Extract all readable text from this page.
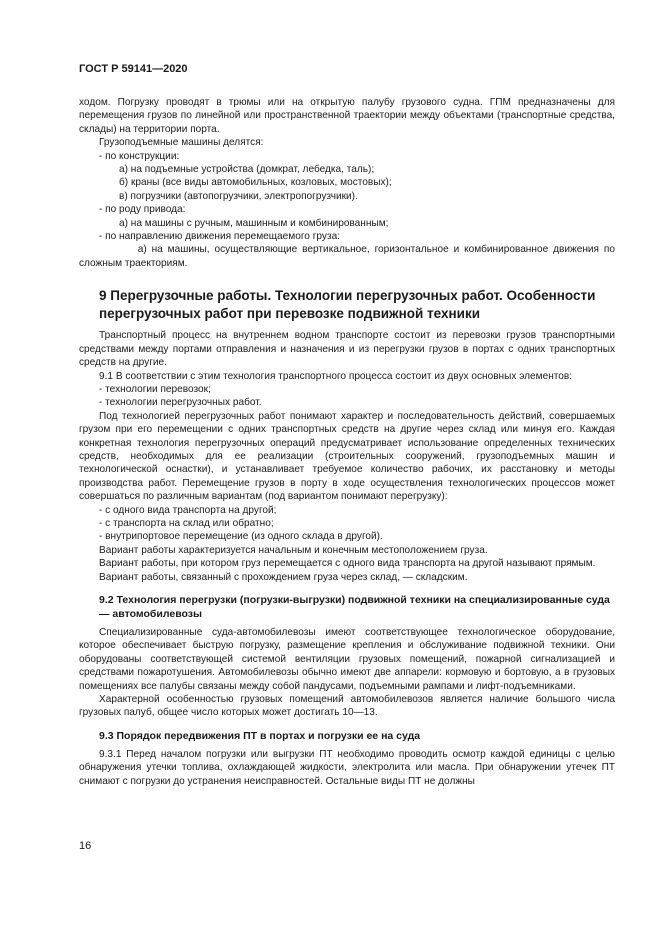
ГОСТ Р 59141—2020
ходом. Погрузку проводят в трюмы или на открытую палубу грузового судна. ГПМ предназначены для перемещения грузов по линейной или пространственной траектории между объектами (транспортные средства, склады) на территории порта.
Грузоподъемные машины делятся:
- по конструкции:
а) на подъемные устройства (домкрат, лебедка, таль);
б) краны (все виды автомобильных, козловых, мостовых);
в) погрузчики (автопогрузчики, электропогрузчики).
- по роду привода:
а) на машины с ручным, машинным и комбинированным;
- по направлению движения перемещаемого груза:
а) на машины, осуществляющие вертикальное, горизонтальное и комбинированное движения по сложным траекториям.
9 Перегрузочные работы. Технологии перегрузочных работ. Особенности перегрузочных работ при перевозке подвижной техники
Транспортный процесс на внутреннем водном транспорте состоит из перевозки грузов транспортными средствами между портами отправления и назначения и из перегрузки грузов в портах с одних транспортных средств на другие.
9.1 В соответствии с этим технология транспортного процесса состоит из двух основных элементов:
- технологии перевозок;
- технологии перегрузочных работ.
Под технологией перегрузочных работ понимают характер и последовательность действий, совершаемых грузом при его перемещении с одних транспортных средств на другие через склад или минуя его. Каждая конкретная технология перегрузочных операций предусматривает использование определенных технических средств, необходимых для ее реализации (строительных сооружений, грузоподъемных машин и технологической оснастки), и устанавливает требуемое количество рабочих, их расстановку и методы производства работ. Перемещение грузов в порту в ходе осуществления технологических процессов может совершаться по различным вариантам (под вариантом понимают перегрузку):
- с одного вида транспорта на другой;
- с транспорта на склад или обратно;
- внутрипортовое перемещение (из одного склада в другой).
Вариант работы характеризуется начальным и конечным местоположением груза.
Вариант работы, при котором груз перемещается с одного вида транспорта на другой называют прямым.
Вариант работы, связанный с прохождением груза через склад, — складским.
9.2 Технология перегрузки (погрузки-выгрузки) подвижной техники на специализированные суда — автомобилевозы
Специализированные суда-автомобилевозы имеют соответствующее технологическое оборудование, которое обеспечивает быструю погрузку, размещение крепления и обслуживание подвижной техники. Они оборудованы соответствующей системой вентиляции грузовых помещений, пожарной сигнализацией и средствами пожаротушения. Автомобилевозы обычно имеют две аппарели: кормовую и бортовую, а в грузовых помещениях все палубы связаны между собой пандусами, подъемными рампами и лифт-подъемниками.
Характерной особенностью грузовых помещений автомобилевозов является наличие большого числа грузовых палуб, общее число которых может достигать 10—13.
9.3 Порядок передвижения ПТ в портах и погрузки ее на суда
9.3.1 Перед началом погрузки или выгрузки ПТ необходимо проводить осмотр каждой единицы с целью обнаружения утечки топлива, охлаждающей жидкости, электролита или масла. При обнаружении утечек ПТ снимают с погрузки до устранения неисправностей. Остальные виды ПТ не должны
16
